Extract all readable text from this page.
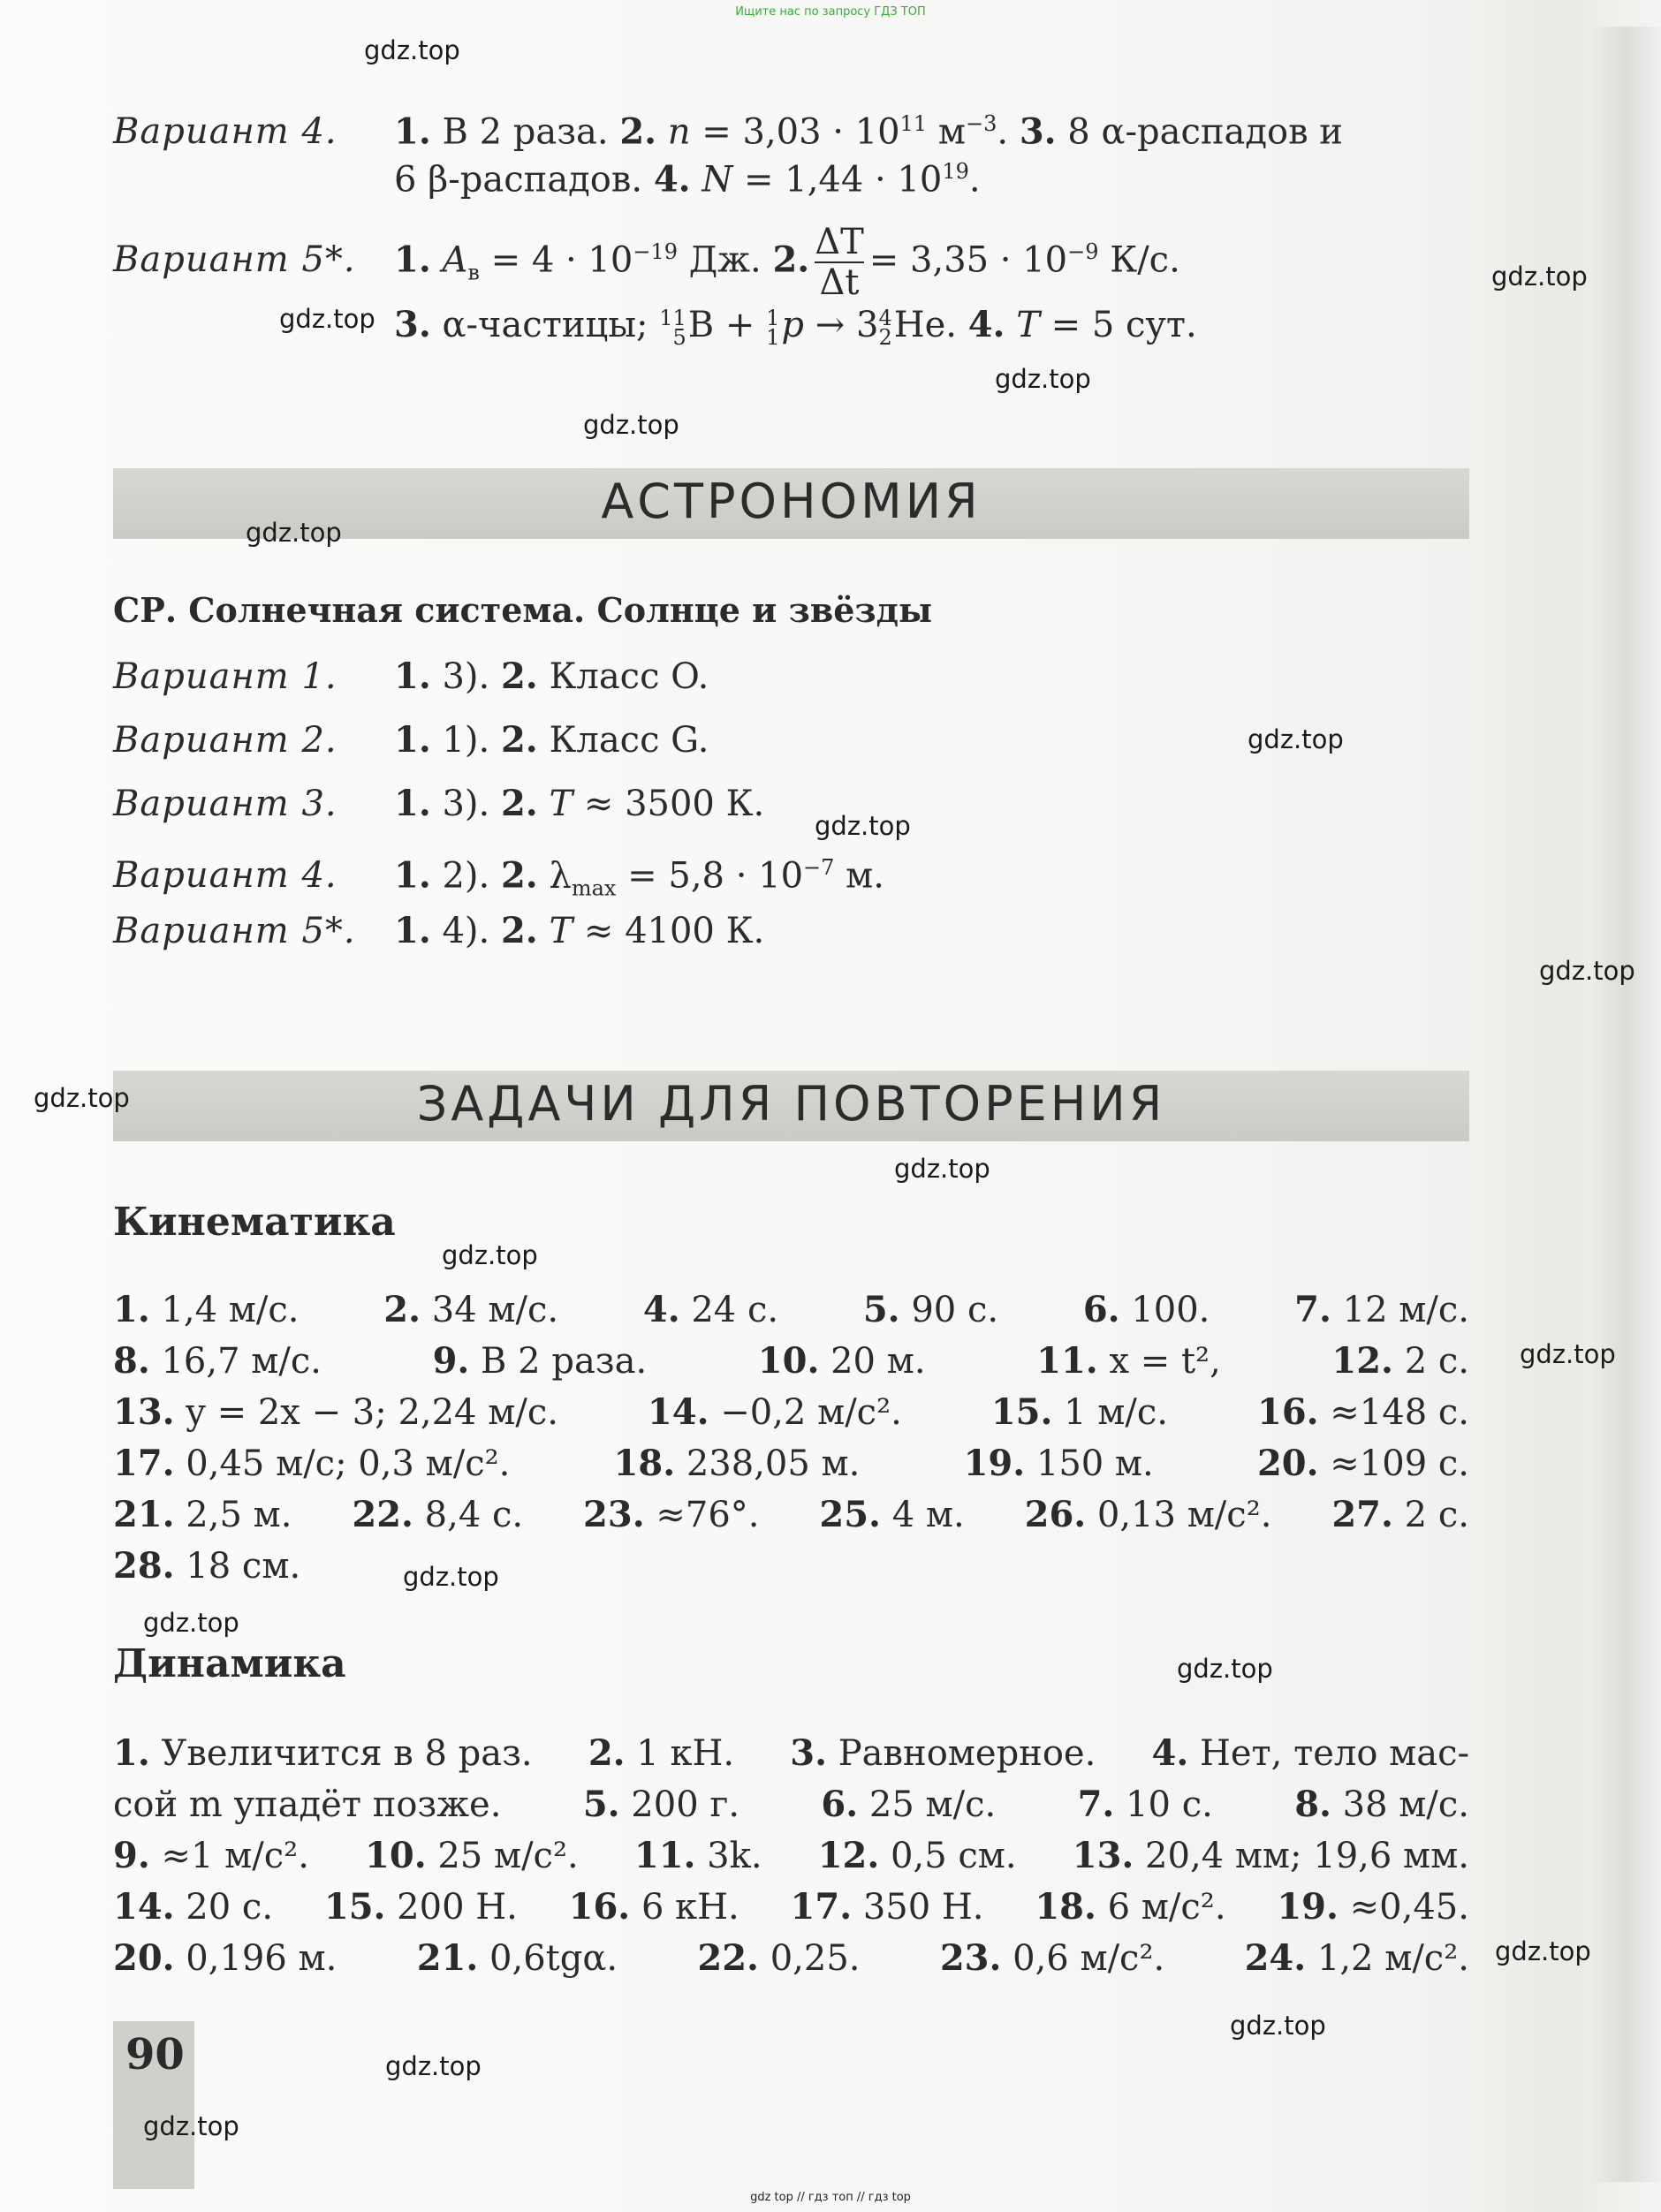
Ищите нас по запросу ГДЗ ТОП
Вариант 4. 1. В 2 раза. 2. $n = 3,03 \cdot 10^{11}$ $м^{-3}$. 3. 8 α-распадов и
6 β-распадов. 4. $N = 1,44 \cdot 10^{19}$.
Вариант 5*. 1. $A_в = 4 \cdot 10^{-19}$ Дж. 2. $\frac{\Delta T}{\Delta t} = 3,35 \cdot 10^{-9}$ К/с.
3. α-частицы; 11
5 B + 1
1 p → 3 4
2 He. 4. T = 5 сут.
АСТРОНОМИЯ
СР. Солнечная система. Солнце и звёзды
Вариант 1. 1. 3). 2. Класс O.
Вариант 2. 1. 1). 2. Класс G.
Вариант 3. 1. 3). 2. T ≈ 3500 К.
Вариант 4. 1. 2). 2. $\lambda_{max} = 5,8 \cdot 10^{-7}$ м.
Вариант 5*. 1. 4). 2. T ≈ 4100 К.
ЗАДАЧИ ДЛЯ ПОВТОРЕНИЯ
Кинематика
1. 1,4 м/с. 2. 34 м/с. 4. 24 с. 5. 90 с. 6. 100. 7. 12 м/с.
8. 16,7 м/с.	9. В 2 раза.	10. 20 м.	11. x = t²,	12. 2 с.
13. y = 2x − 3; 2,24 м/с.	14. −0,2 м/с².	15. 1 м/с.	16. ≈148 с.
17. 0,45 м/с; 0,3 м/с².	18. 238,05 м.	19. 150 м.	20. ≈109 с.
21. 2,5 м. 22. 8,4 с. 23. ≈76°. 25. 4 м. 26. 0,13 м/с². 27. 2 с.
28. 18 см.
Динамика
1. Увеличится в 8 раз. 2. 1 кН. 3. Равномерное. 4. Нет, тело мас-
сой m упадёт позже. 5. 200 г. 6. 25 м/с. 7. 10 с. 8. 38 м/с.
9. ≈1 м/с². 10. 25 м/с². 11. 3k. 12. 0,5 см. 13. 20,4 мм; 19,6 мм.
14. 20 с. 15. 200 Н. 16. 6 кН. 17. 350 Н. 18. 6 м/с². 19. ≈0,45.
20. 0,196 м. 21. 0,6tgα. 22. 0,25. 23. 0,6 м/с². 24. 1,2 м/с².
90
gdz.top
gdz.top
gdz.top
gdz.top
gdz.top
gdz.top
gdz.top
gdz.top
gdz.top
gdz.top
gdz.top
gdz.top
gdz.top
gdz.top
gdz.top
gdz.top
gdz.top
gdz.top
gdz.top
gdz.top
gdz top // гдз топ // гдз top
